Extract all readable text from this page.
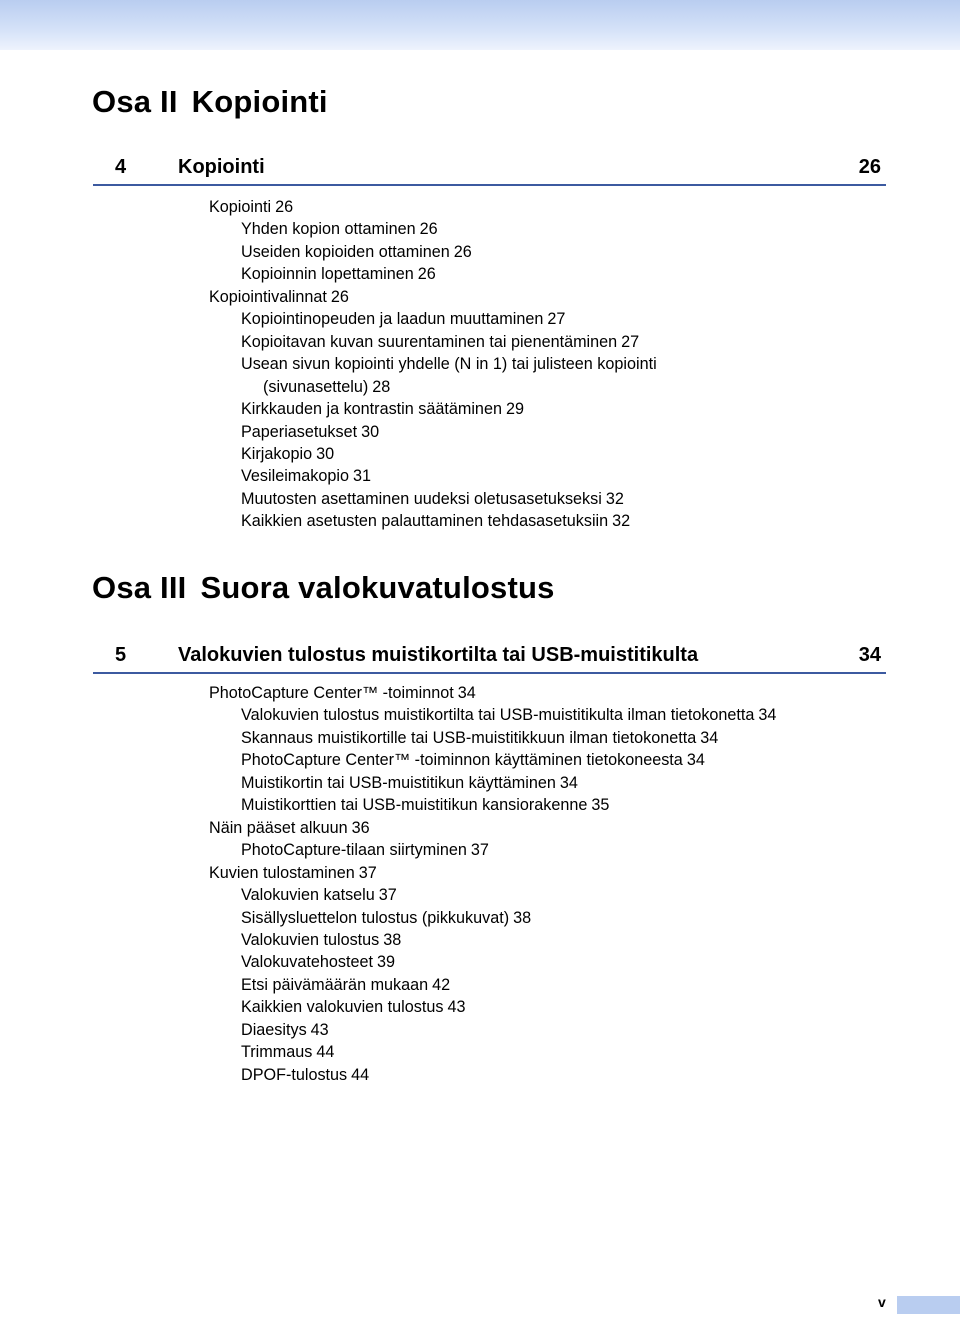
Osa II Kopiointi
4	Kopiointi	26
Kopiointi 26
Yhden kopion ottaminen 26
Useiden kopioiden ottaminen 26
Kopioinnin lopettaminen 26
Kopiointivalinnat 26
Kopiointinopeuden ja laadun muuttaminen 27
Kopioitavan kuvan suurentaminen tai pienentäminen 27
Usean sivun kopiointi yhdelle (N in 1) tai julisteen kopiointi
(sivunasettelu) 28
Kirkkauden ja kontrastin säätäminen 29
Paperiasetukset 30
Kirjakopio 30
Vesileimakopio 31
Muutosten asettaminen uudeksi oletusasetukseksi 32
Kaikkien asetusten palauttaminen tehdasasetuksiin 32
Osa III Suora valokuvatulostus
5	Valokuvien tulostus muistikortilta tai USB-muistitikulta	34
PhotoCapture Center™ -toiminnot 34
Valokuvien tulostus muistikortilta tai USB-muistitikulta ilman tietokonetta 34
Skannaus muistikortille tai USB-muistitikkuun ilman tietokonetta 34
PhotoCapture Center™ -toiminnon käyttäminen tietokoneesta 34
Muistikortin tai USB-muistitikun käyttäminen 34
Muistikorttien tai USB-muistitikun kansiorakenne 35
Näin pääset alkuun 36
PhotoCapture-tilaan siirtyminen 37
Kuvien tulostaminen 37
Valokuvien katselu 37
Sisällysluettelon tulostus (pikkukuvat) 38
Valokuvien tulostus 38
Valokuvatehosteet 39
Etsi päivämäärän mukaan 42
Kaikkien valokuvien tulostus 43
Diaesitys 43
Trimmaus 44
DPOF-tulostus 44
v
